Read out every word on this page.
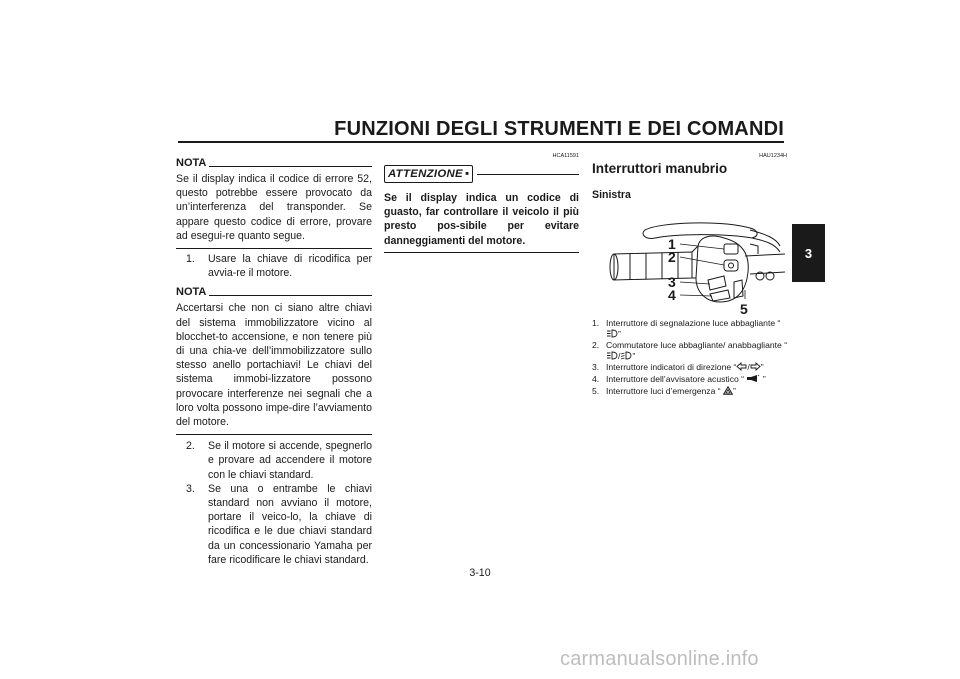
FUNZIONI DEGLI STRUMENTI E DEI COMANDI
3
NOTA

Se il display indica il codice di errore 52, questo potrebbe essere provocato da un’interferenza del transponder. Se appare questo codice di errore, provare ad esegui-re quanto segue.

1.	Usare la chiave di ricodifica per avvia-re il motore.
NOTA

Accertarsi che non ci siano altre chiavi del sistema immobilizzatore vicino al blocchet-to accensione, e non tenere più di una chia-ve dell’immobilizzatore sullo stesso anello portachiavi! Le chiavi del sistema immobi-lizzatore possono provocare interferenze nei segnali che a loro volta possono impe-dire l’avviamento del motore.

2.	Se il motore si accende, spegnerlo e provare ad accendere il motore con le chiavi standard.
3.	Se una o entrambe le chiavi standard non avviano il motore, portare il veico-lo, la chiave di ricodifica e le due chiavi standard da un concessionario Yamaha per fare ricodificare le chiavi standard.
HCA11591
ATTENZIONE ▪

Se il display indica un codice di guasto, far controllare il veicolo il più presto pos-sibile per evitare danneggiamenti del motore.

HAU1234H
Interruttori manubrio
Sinistra
1
2
3
4
5
1. Interruttore di segnalazione luce abbagliante “”
2. Commutatore luce abbagliante/ anabbagliante “/ ”
3. Interruttore indicatori di direzione “ / ”
4. Interruttore dell’avvisatore acustico “  ”
5. Interruttore luci d’emergenza “ ”
3-10
carmanualsonline.info
